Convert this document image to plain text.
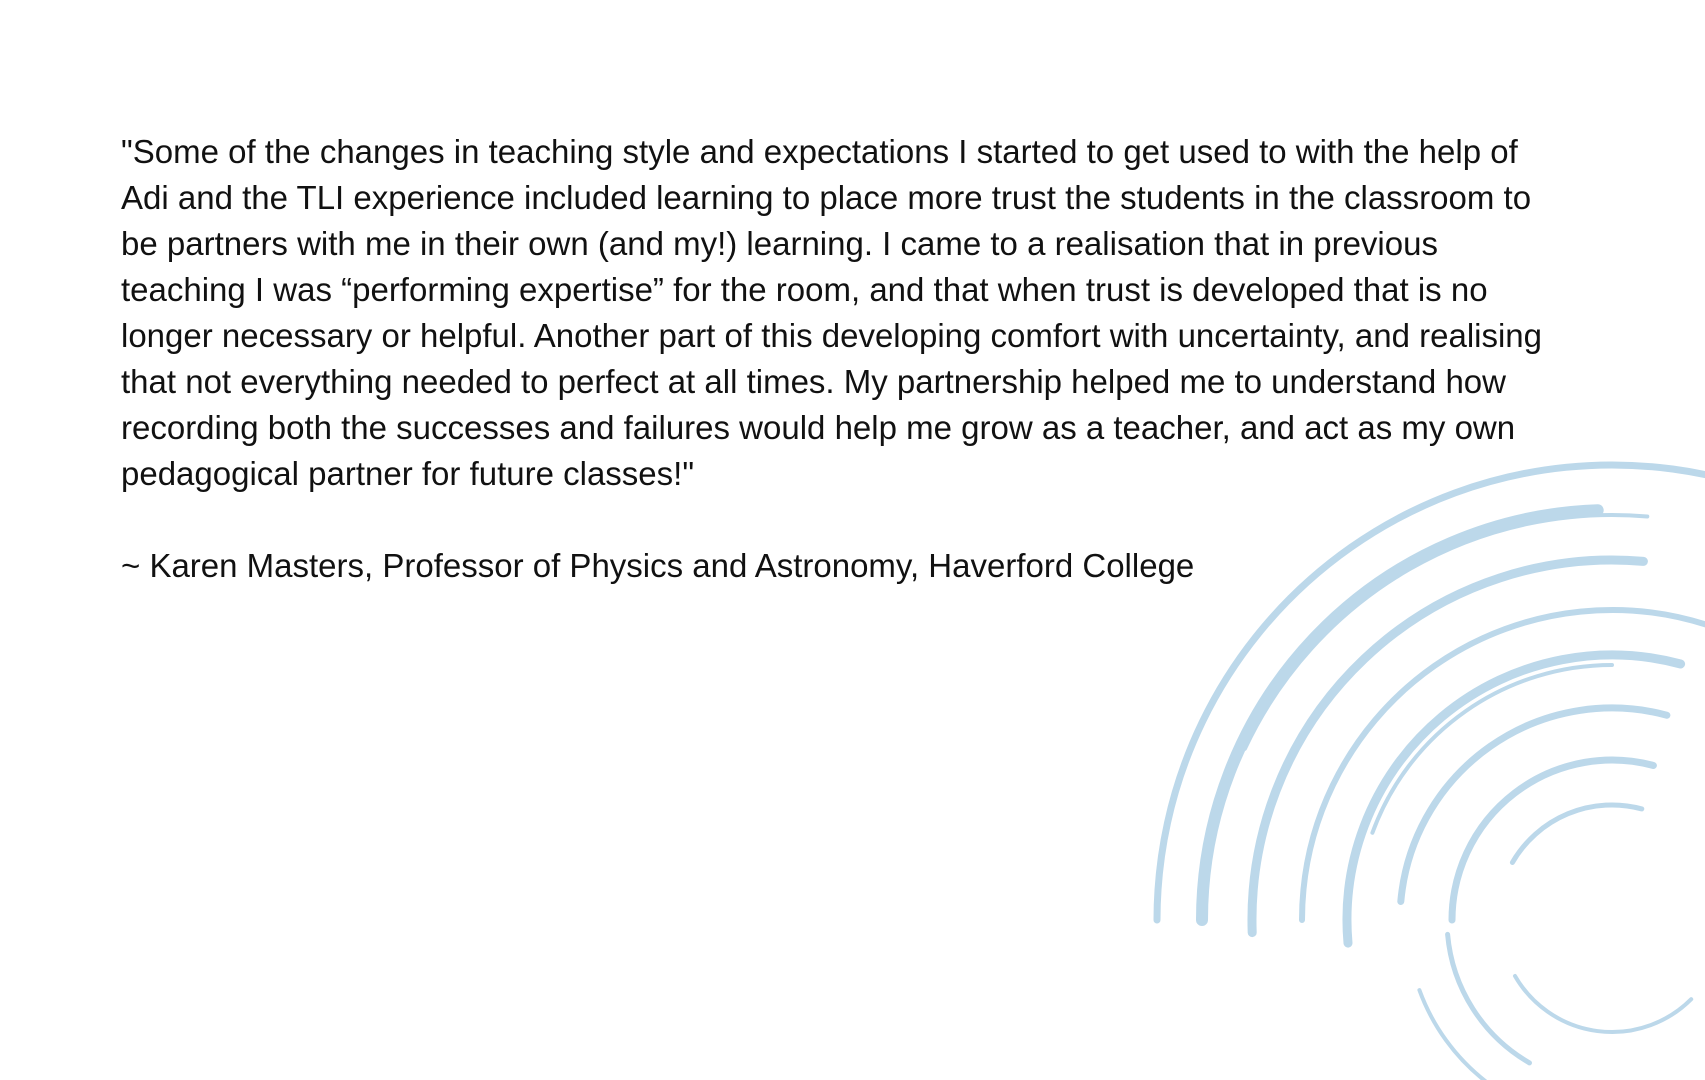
"Some of the changes in teaching style and expectations I started to get used to with the help of
Adi and the TLI experience included learning to place more trust the students in the classroom to
be partners with me in their own (and my!) learning. I came to a realisation that in previous
teaching I was “performing expertise” for the room, and that when trust is developed that is no
longer necessary or helpful. Another part of this developing comfort with uncertainty, and realising
that not everything needed to perfect at all times. My partnership helped me to understand how
recording both the successes and failures would help me grow as a teacher, and act as my own
pedagogical partner for future classes!"

~ Karen Masters, Professor of Physics and Astronomy, Haverford College
